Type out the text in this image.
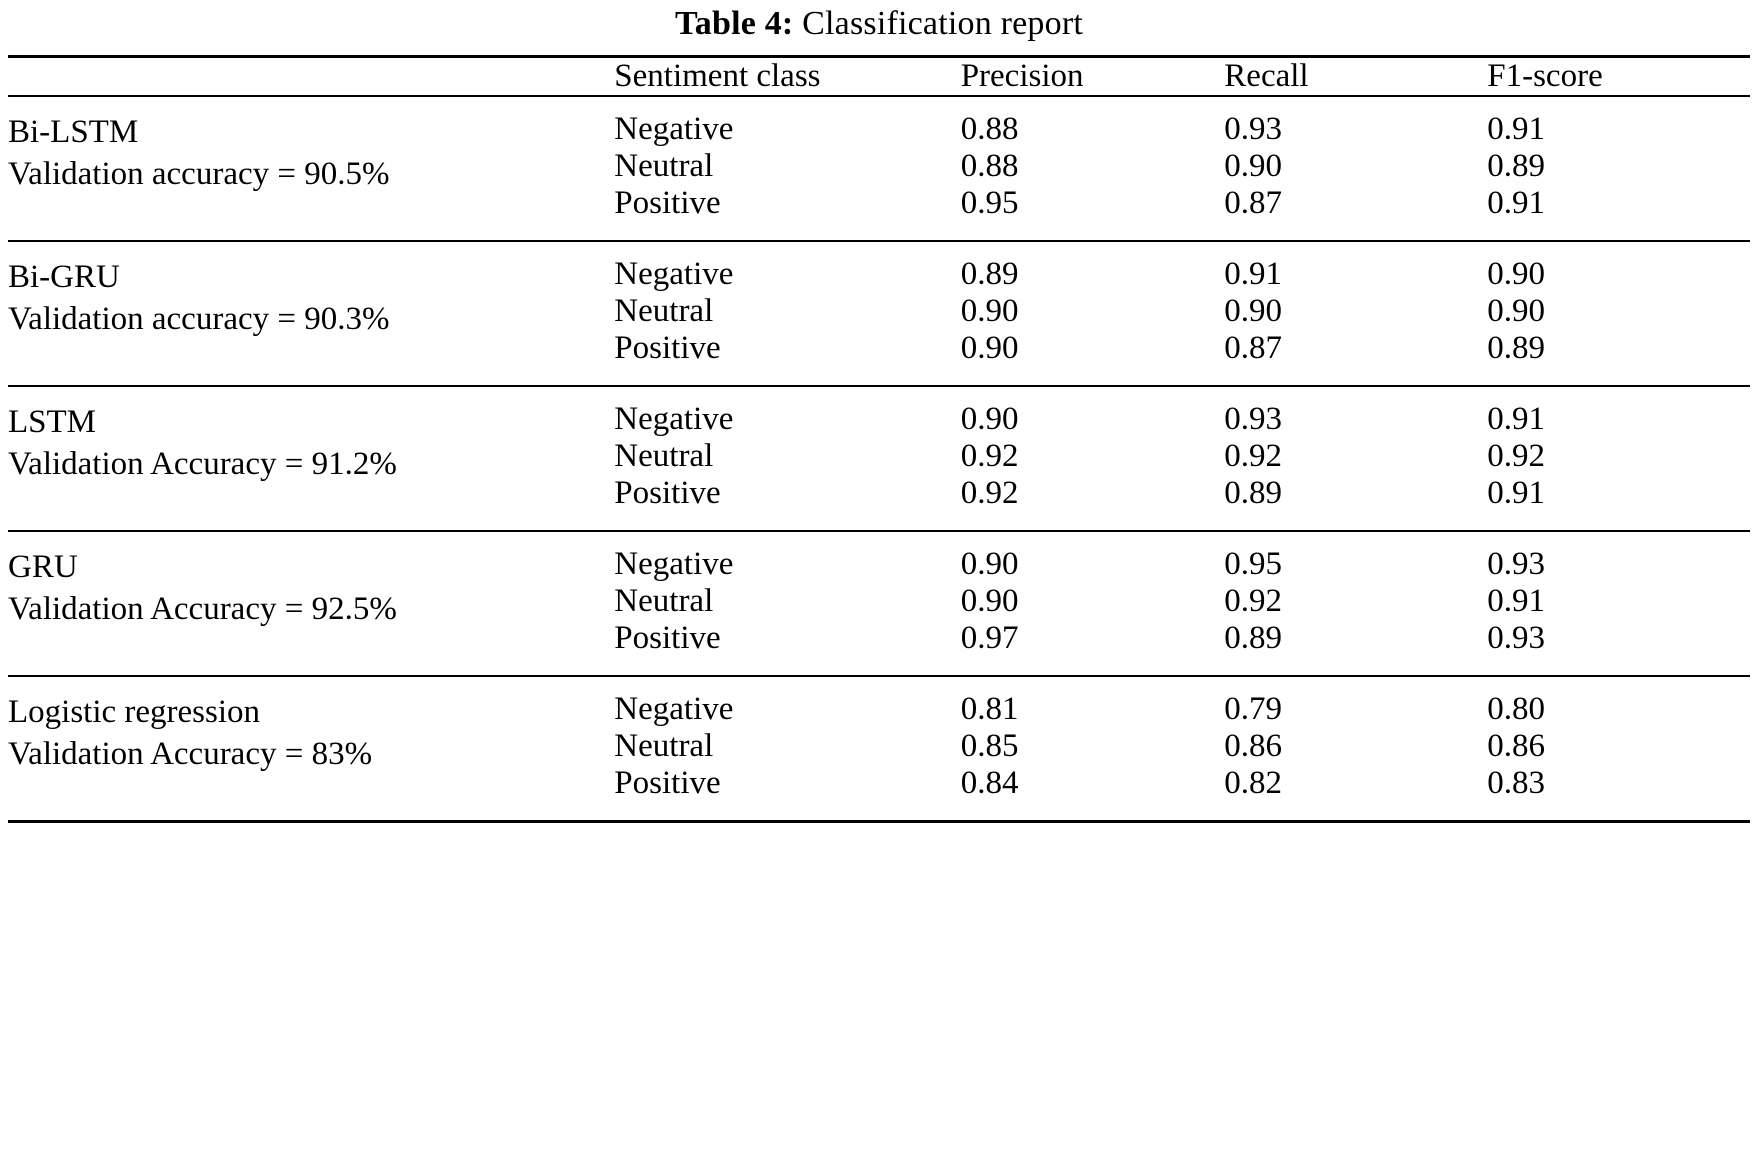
Table 4: Classification report
	Sentiment class	Precision	Recall	F1-score

Bi-LSTM
Validation accuracy = 90.5%	Negative	0.88	0.93	0.91
	Neutral	0.88	0.90	0.89
	Positive	0.95	0.87	0.91

Bi-GRU
Validation accuracy = 90.3%	Negative	0.89	0.91	0.90
	Neutral	0.90	0.90	0.90
	Positive	0.90	0.87	0.89

LSTM
Validation Accuracy = 91.2%	Negative	0.90	0.93	0.91
	Neutral	0.92	0.92	0.92
	Positive	0.92	0.89	0.91

GRU
Validation Accuracy = 92.5%	Negative	0.90	0.95	0.93
	Neutral	0.90	0.92	0.91
	Positive	0.97	0.89	0.93

Logistic regression
Validation Accuracy = 83%	Negative	0.81	0.79	0.80
	Neutral	0.85	0.86	0.86
	Positive	0.84	0.82	0.83
